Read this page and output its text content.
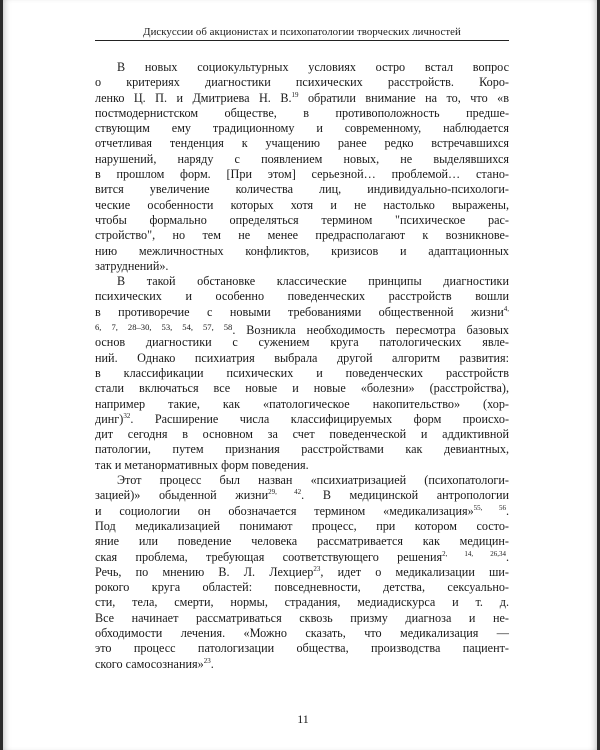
Дискуссии об акционистах и психопатологии творческих личностей
В новых социокультурных условиях остро встал вопрос
о критериях диагностики психических расстройств. Коро-
ленко Ц. П. и Дмитриева Н. В.$^{19}$ обратили внимание на то, что «в
постмодернистском обществе, в противоположность предше-
ствующим ему традиционному и современному, наблюдается
отчетливая тенденция к учащению ранее редко встречавшихся
нарушений, наряду с появлением новых, не выделявшихся
в прошлом форм. [При этом] серьезной… проблемой… стано-
вится увеличение количества лиц, индивидуально-психологи-
ческие особенности которых хотя и не настолько выражены,
чтобы формально определяться термином "психическое рас-
стройство", но тем не менее предрасполагают к возникнове-
нию межличностных конфликтов, кризисов и адаптационных
затруднений».
В такой обстановке классические принципы диагностики
психических и особенно поведенческих расстройств вошли
в противоречие с новыми требованиями общественной жизни$^{4,}$
$^{6, 7, 28-30, 53, 54, 57, 58}$. Возникла необходимость пересмотра базовых
основ диагностики с сужением круга патологических явле-
ний. Однако психиатрия выбрала другой алгоритм развития:
в классификации психических и поведенческих расстройств
стали включаться все новые и новые «болезни» (расстройства),
например такие, как «патологическое накопительство» (хор-
динг)$^{32}$. Расширение числа классифицируемых форм происхо-
дит сегодня в основном за счет поведенческой и аддиктивной
патологии, путем признания расстройствами как девиантных,
так и метанормативных форм поведения.
Этот процесс был назван «психиатризацией (психопатологи-
зацией)» обыденной жизни$^{29, 42}$. В медицинской антропологии
и социологии он обозначается термином «медикализация»$^{55, 56}$.
Под медикализацией понимают процесс, при котором состо-
яние или поведение человека рассматривается как медицин-
ская проблема, требующая соответствующего решения$^{2, 14, 26,34}$.
Речь, по мнению В. Л. Лехциер$^{23}$, идет о медикализации ши-
рокого круга областей: повседневности, детства, сексуально-
сти, тела, смерти, нормы, страдания, медиадискурса и т. д.
Все начинает рассматриваться сквозь призму диагноза и не-
обходимости лечения. «Можно сказать, что медикализация —
это процесс патологизации общества, производства пациент-
ского самосознания»$^{23}$.
11
